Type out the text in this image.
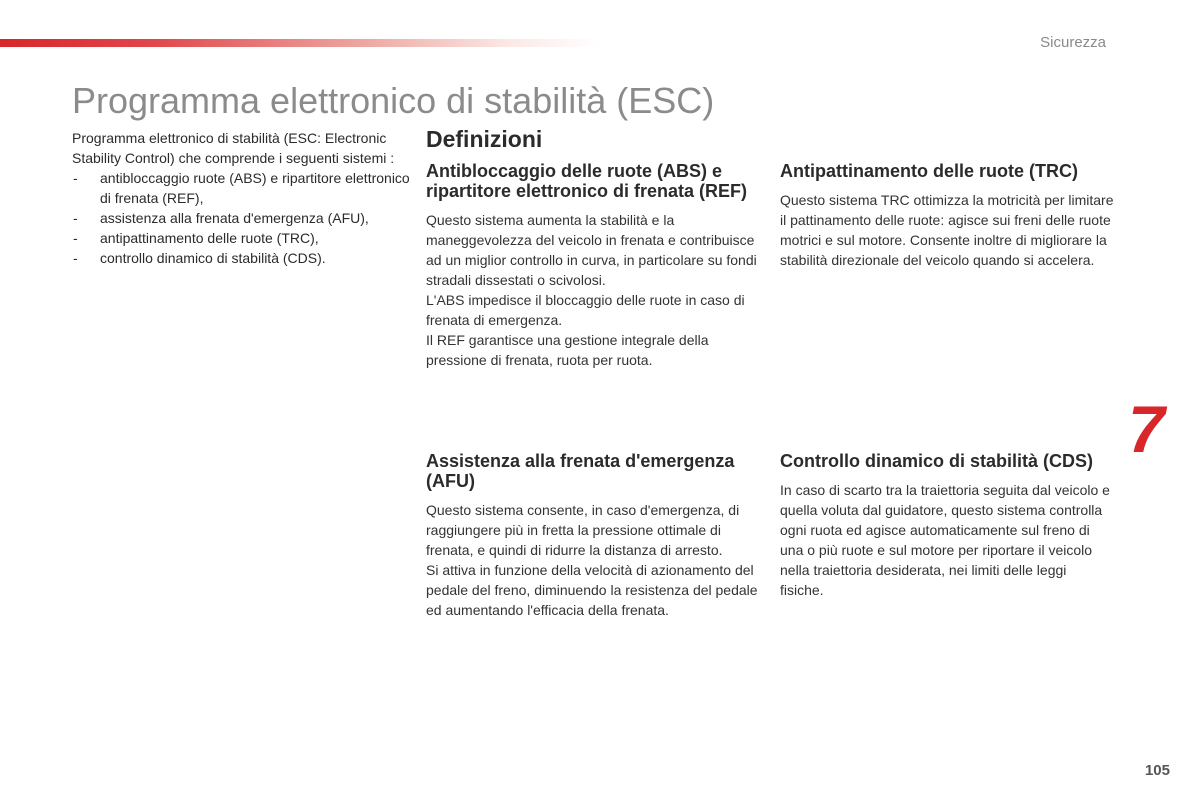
Sicurezza
Programma elettronico di stabilità (ESC)

Programma elettronico di stabilità (ESC: Electronic Stability Control) che comprende i seguenti sistemi :

- antibloccaggio ruote (ABS) e ripartitore elettronico di frenata (REF),
- assistenza alla frenata d'emergenza (AFU),
- antipattinamento delle ruote (TRC),
- controllo dinamico di stabilità (CDS).
Definizioni
Antibloccaggio delle ruote (ABS) e ripartitore elettronico di frenata (REF)

Questo sistema aumenta la stabilità e la maneggevolezza del veicolo in frenata e contribuisce ad un miglior controllo in curva, in particolare su fondi stradali dissestati o scivolosi.
L'ABS impedisce il bloccaggio delle ruote in caso di frenata di emergenza.
Il REF garantisce una gestione integrale della pressione di frenata, ruota per ruota.

Antipattinamento delle ruote (TRC)

Questo sistema TRC ottimizza la motricità per limitare il pattinamento delle ruote: agisce sui freni delle ruote motrici e sul motore. Consente inoltre di migliorare la stabilità direzionale del veicolo quando si accelera.

Assistenza alla frenata d'emergenza (AFU)

Questo sistema consente, in caso d'emergenza, di raggiungere più in fretta la pressione ottimale di frenata, e quindi di ridurre la distanza di arresto.
Si attiva in funzione della velocità di azionamento del pedale del freno, diminuendo la resistenza del pedale ed aumentando l'efficacia della frenata.

Controllo dinamico di stabilità (CDS)

In caso di scarto tra la traiettoria seguita dal veicolo e quella voluta dal guidatore, questo sistema controlla ogni ruota ed agisce automaticamente sul freno di una o più ruote e sul motore per riportare il veicolo nella traiettoria desiderata, nei limiti delle leggi fisiche.

7
105
